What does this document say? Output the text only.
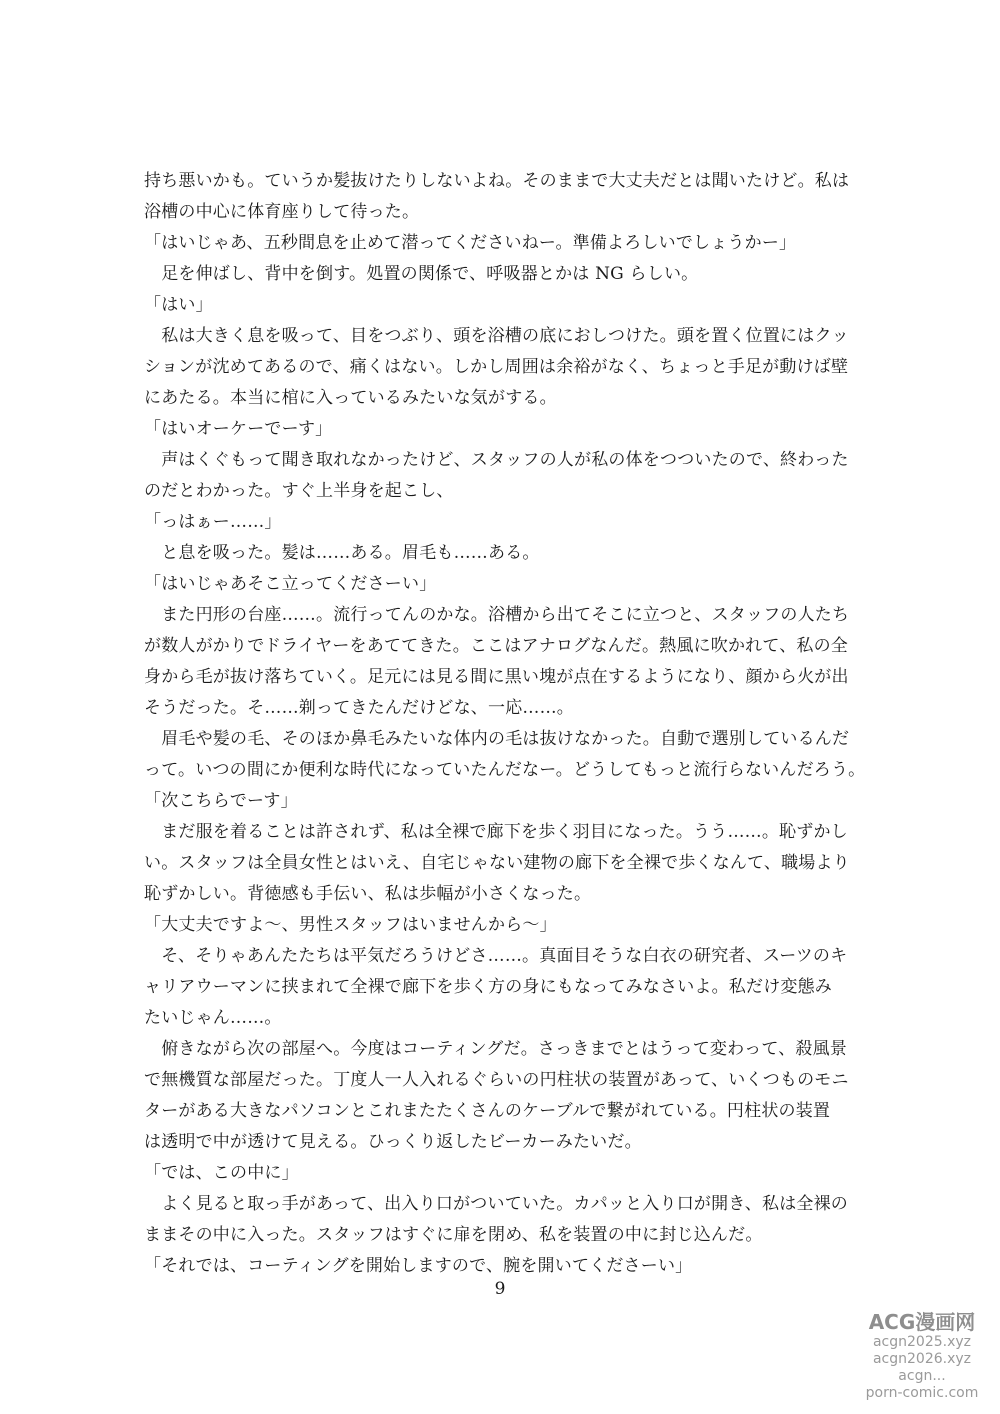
持ち悪いかも。ていうか髪抜けたりしないよね。そのままで大丈夫だとは聞いたけど。私は
浴槽の中心に体育座りして待った。
「はいじゃあ、五秒間息を止めて潜ってくださいねー。準備よろしいでしょうかー」
　足を伸ばし、背中を倒す。処置の関係で、呼吸器とかは NG らしい。
「はい」
　私は大きく息を吸って、目をつぶり、頭を浴槽の底におしつけた。頭を置く位置にはクッ
ションが沈めてあるので、痛くはない。しかし周囲は余裕がなく、ちょっと手足が動けば壁
にあたる。本当に棺に入っているみたいな気がする。
「はいオーケーでーす」
　声はくぐもって聞き取れなかったけど、スタッフの人が私の体をつついたので、終わった
のだとわかった。すぐ上半身を起こし、
「っはぁー……」
　と息を吸った。髪は……ある。眉毛も……ある。
「はいじゃあそこ立ってくださーい」
　また円形の台座……。流行ってんのかな。浴槽から出てそこに立つと、スタッフの人たち
が数人がかりでドライヤーをあててきた。ここはアナログなんだ。熱風に吹かれて、私の全
身から毛が抜け落ちていく。足元には見る間に黒い塊が点在するようになり、顔から火が出
そうだった。そ……剃ってきたんだけどな、一応……。
　眉毛や髪の毛、そのほか鼻毛みたいな体内の毛は抜けなかった。自動で選別しているんだ
って。いつの間にか便利な時代になっていたんだなー。どうしてもっと流行らないんだろう。
「次こちらでーす」
　まだ服を着ることは許されず、私は全裸で廊下を歩く羽目になった。うう……。恥ずかし
い。スタッフは全員女性とはいえ、自宅じゃない建物の廊下を全裸で歩くなんて、職場より
恥ずかしい。背徳感も手伝い、私は歩幅が小さくなった。
「大丈夫ですよ～、男性スタッフはいませんから～」
　そ、そりゃあんたたちは平気だろうけどさ……。真面目そうな白衣の研究者、スーツのキ
ャリアウーマンに挟まれて全裸で廊下を歩く方の身にもなってみなさいよ。私だけ変態み
たいじゃん……。
　俯きながら次の部屋へ。今度はコーティングだ。さっきまでとはうって変わって、殺風景
で無機質な部屋だった。丁度人一人入れるぐらいの円柱状の装置があって、いくつものモニ
ターがある大きなパソコンとこれまたたくさんのケーブルで繋がれている。円柱状の装置
は透明で中が透けて見える。ひっくり返したビーカーみたいだ。
「では、この中に」
　よく見ると取っ手があって、出入り口がついていた。カパッと入り口が開き、私は全裸の
ままその中に入った。スタッフはすぐに扉を閉め、私を装置の中に封じ込んだ。
「それでは、コーティングを開始しますので、腕を開いてくださーい」
9
ACG漫画网
acgn2025.xyz
acgn2026.xyz
acgn...
porn-comic.com
